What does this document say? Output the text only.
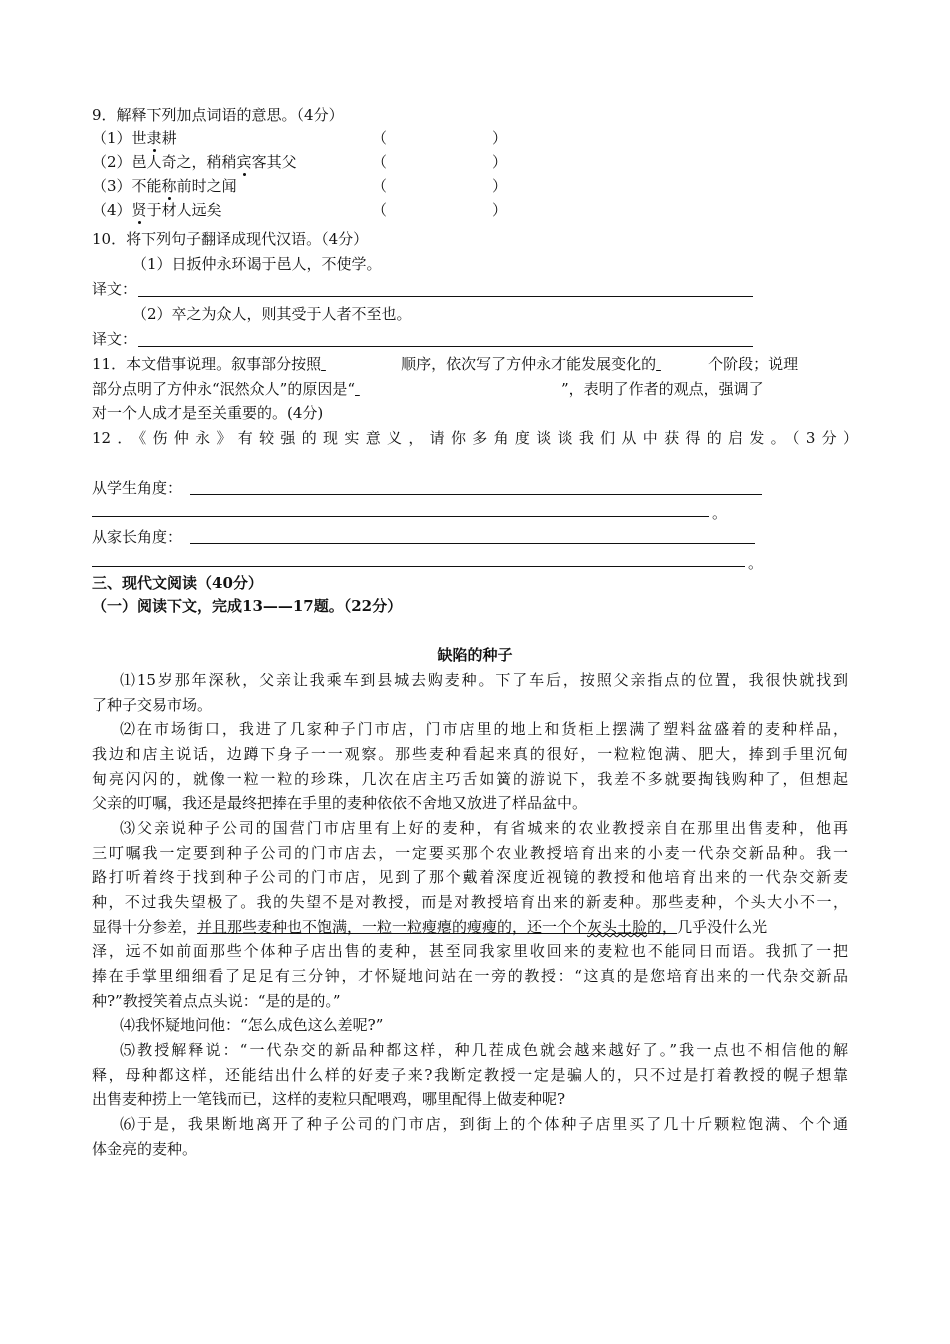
9．解释下列加点词语的意思。（4分）
（1）世隶耕	（	）
（2）邑人奇之，稍稍宾客其父	（	）
（3）不能称前时之闻	（	）
（4）贤于材人远矣	（	）
10．将下列句子翻译成现代汉语。（4分）
（1）日扳仲永环谒于邑人，不使学。
译文：
（2）卒之为众人，则其受于人者不至也。
译文：
11．本文借事说理。叙事部分按照	顺序，依次写了方仲永才能发展变化的	个阶段；说理
部分点明了方仲永“泯然众人”的原因是“	”，表明了作者的观点，强调了
对一个人成才是至关重要的。(4分)
12．《伤仲永》有较强的现实意义，请你多角度谈谈我们从中获得的启发。（3分）
从学生角度：
。
从家长角度：
。
三、现代文阅读（40分）
（一）阅读下文，完成13——17题。（22分）
缺陷的种子
⑴15岁那年深秋，父亲让我乘车到县城去购麦种。下了车后，按照父亲指点的位置，我很快就找到
了种子交易市场。
⑵在市场街口，我进了几家种子门市店，门市店里的地上和货柜上摆满了塑料盆盛着的麦种样品，
我边和店主说话，边蹲下身子一一观察。那些麦种看起来真的很好，一粒粒饱满、肥大，捧到手里沉甸
甸亮闪闪的，就像一粒一粒的珍珠，几次在店主巧舌如簧的游说下，我差不多就要掏钱购种了，但想起
父亲的叮嘱，我还是最终把捧在手里的麦种依依不舍地又放进了样品盆中。
⑶父亲说种子公司的国营门市店里有上好的麦种，有省城来的农业教授亲自在那里出售麦种，他再
三叮嘱我一定要到种子公司的门市店去，一定要买那个农业教授培育出来的小麦一代杂交新品种。我一
路打听着终于找到种子公司的门市店，见到了那个戴着深度近视镜的教授和他培育出来的一代杂交新麦
种，不过我失望极了。我的失望不是对教授，而是对教授培育出来的新麦种。那些麦种，个头大小不一，
显得十分参差，并且那些麦种也不饱满，一粒一粒瘦瘪的瘦瘦的，还一个个灰头土脸的，几乎没什么光
泽，远不如前面那些个体种子店出售的麦种，甚至同我家里收回来的麦粒也不能同日而语。我抓了一把
捧在手掌里细细看了足足有三分钟，才怀疑地问站在一旁的教授：“这真的是您培育出来的一代杂交新品
种?”教授笑着点点头说：“是的是的。”
⑷我怀疑地问他：“怎么成色这么差呢?”
⑸教授解释说：“一代杂交的新品种都这样，种几茬成色就会越来越好了。”我一点也不相信他的解
释，母种都这样，还能结出什么样的好麦子来?我断定教授一定是骗人的，只不过是打着教授的幌子想靠
出售麦种捞上一笔钱而已，这样的麦粒只配喂鸡，哪里配得上做麦种呢?
⑹于是，我果断地离开了种子公司的门市店，到街上的个体种子店里买了几十斤颗粒饱满、个个通
体金亮的麦种。
